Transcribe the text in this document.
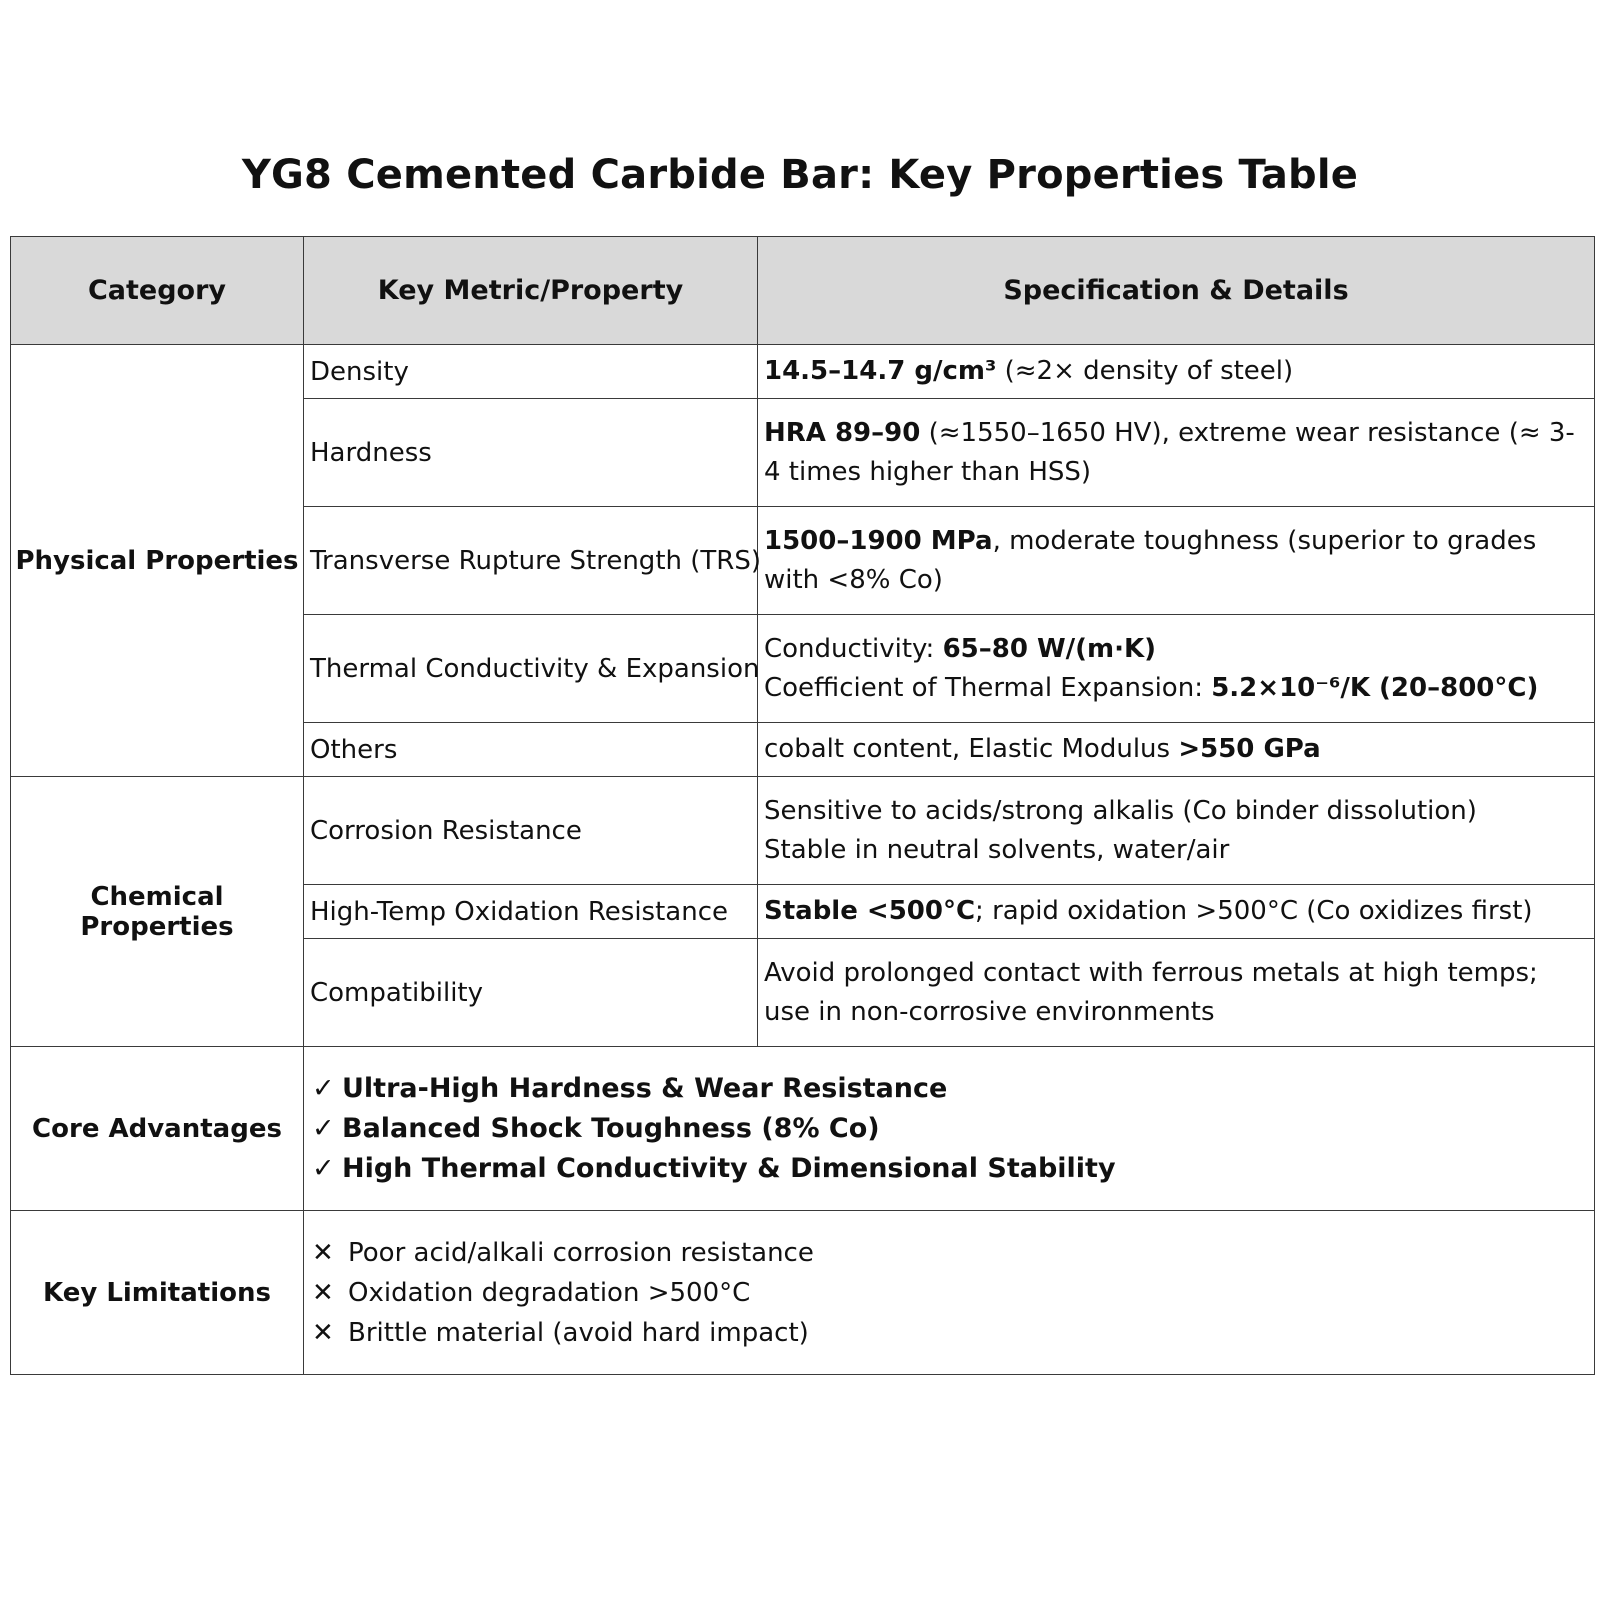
YG8 Cemented Carbide Bar: Key Properties Table
Category	Key Metric/Property	Specification & Details
Physical Properties	Density	14.5–14.7 g/cm³ (≈2× density of steel)
	Hardness	HRA 89–90 (≈1550–1650 HV), extreme wear resistance (≈ 3-4 times higher than HSS)
	Transverse Rupture Strength (TRS)	1500–1900 MPa, moderate toughness (superior to grades with <8% Co)
	Thermal Conductivity & Expansion	Conductivity: 65–80 W/(m·K)
Coefficient of Thermal Expansion: 5.2×10⁻⁶/K (20–800°C)

	Others	cobalt content, Elastic Modulus >550 GPa
Chemical Properties	Corrosion Resistance	Sensitive to acids/strong alkalis (Co binder dissolution)
Stable in neutral solvents, water/air

	High-Temp Oxidation Resistance	Stable <500°C; rapid oxidation >500°C (Co oxidizes first)
	Compatibility	Avoid prolonged contact with ferrous metals at high temps; use in non-corrosive environments
Core Advantages	✓ Ultra-High Hardness & Wear Resistance
✓ Balanced Shock Toughness (8% Co)
✓ High Thermal Conductivity & Dimensional Stability	

Key Limitations	✕ Poor acid/alkali corrosion resistance
✕ Oxidation degradation >500°C
✕ Brittle material (avoid hard impact)	
